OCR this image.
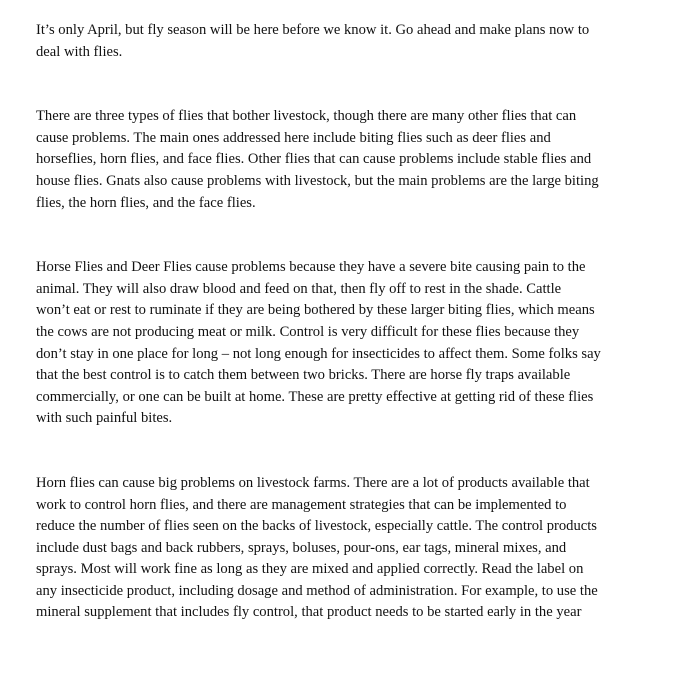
It’s only April, but fly season will be here before we know it. Go ahead and make plans now to
deal with flies.
There are three types of flies that bother livestock, though there are many other flies that can
cause problems. The main ones addressed here include biting flies such as deer flies and
horseflies, horn flies, and face flies. Other flies that can cause problems include stable flies and
house flies. Gnats also cause problems with livestock, but the main problems are the large biting
flies, the horn flies, and the face flies.
Horse Flies and Deer Flies cause problems because they have a severe bite causing pain to the
animal. They will also draw blood and feed on that, then fly off to rest in the shade. Cattle
won’t eat or rest to ruminate if they are being bothered by these larger biting flies, which means
the cows are not producing meat or milk. Control is very difficult for these flies because they
don’t stay in one place for long – not long enough for insecticides to affect them. Some folks say
that the best control is to catch them between two bricks. There are horse fly traps available
commercially, or one can be built at home. These are pretty effective at getting rid of these flies
with such painful bites.
Horn flies can cause big problems on livestock farms. There are a lot of products available that
work to control horn flies, and there are management strategies that can be implemented to
reduce the number of flies seen on the backs of livestock, especially cattle. The control products
include dust bags and back rubbers, sprays, boluses, pour-ons, ear tags, mineral mixes, and
sprays. Most will work fine as long as they are mixed and applied correctly. Read the label on
any insecticide product, including dosage and method of administration. For example, to use the
mineral supplement that includes fly control, that product needs to be started early in the year
